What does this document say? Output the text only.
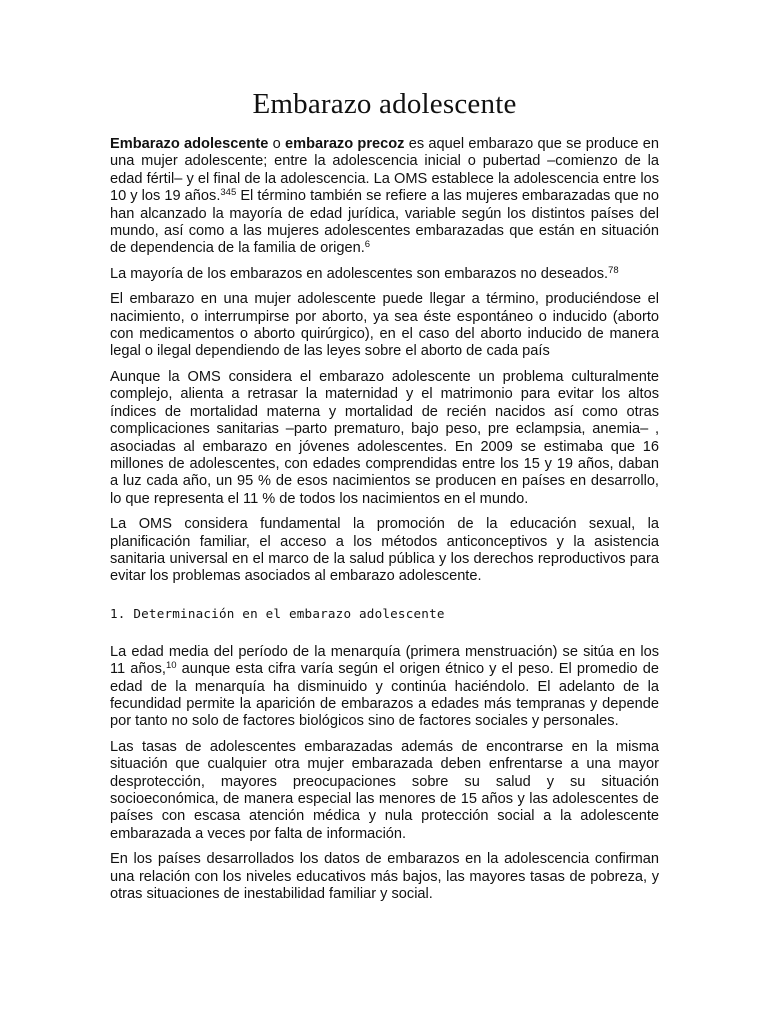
Embarazo adolescente

Embarazo adolescente o embarazo precoz es aquel embarazo que se produce en una mujer adolescente; entre la adolescencia inicial o pubertad –comienzo de la edad fértil– y el final de la adolescencia. La OMS establece la adolescencia entre los 10 y los 19 años.$^{345}$ El término también se refiere a las mujeres embarazadas que no han alcanzado la mayoría de edad jurídica, variable según los distintos países del mundo, así como a las mujeres adolescentes embarazadas que están en situación de dependencia de la familia de origen.$^6$

La mayoría de los embarazos en adolescentes son embarazos no deseados.$^{78}$

El embarazo en una mujer adolescente puede llegar a término, produciéndose el nacimiento, o interrumpirse por aborto, ya sea éste espontáneo o inducido (aborto con medicamentos o aborto quirúrgico), en el caso del aborto inducido de manera legal o ilegal dependiendo de las leyes sobre el aborto de cada país

Aunque la OMS considera el embarazo adolescente un problema culturalmente complejo, alienta a retrasar la maternidad y el matrimonio para evitar los altos índices de mortalidad materna y mortalidad de recién nacidos así como otras complicaciones sanitarias –parto prematuro, bajo peso, pre eclampsia, anemia– , asociadas al embarazo en jóvenes adolescentes. En 2009 se estimaba que 16 millones de adolescentes, con edades comprendidas entre los 15 y 19 años, daban a luz cada año, un 95 % de esos nacimientos se producen en países en desarrollo, lo que representa el 11 % de todos los nacimientos en el mundo.

La OMS considera fundamental la promoción de la educación sexual, la planificación familiar, el acceso a los métodos anticonceptivos y la asistencia sanitaria universal en el marco de la salud pública y los derechos reproductivos para evitar los problemas asociados al embarazo adolescente.

1. Determinación en el embarazo adolescente

La edad media del período de la menarquía (primera menstruación) se sitúa en los 11 años,$^{10}$ aunque esta cifra varía según el origen étnico y el peso. El promedio de edad de la menarquía ha disminuido y continúa haciéndolo. El adelanto de la fecundidad permite la aparición de embarazos a edades más tempranas y depende por tanto no solo de factores biológicos sino de factores sociales y personales.

Las tasas de adolescentes embarazadas además de encontrarse en la misma situación que cualquier otra mujer embarazada deben enfrentarse a una mayor desprotección, mayores preocupaciones sobre su salud y su situación socioeconómica, de manera especial las menores de 15 años y las adolescentes de países con escasa atención médica y nula protección social a la adolescente embarazada a veces por falta de información.

En los países desarrollados los datos de embarazos en la adolescencia confirman una relación con los niveles educativos más bajos, las mayores tasas de pobreza, y otras situaciones de inestabilidad familiar y social.
